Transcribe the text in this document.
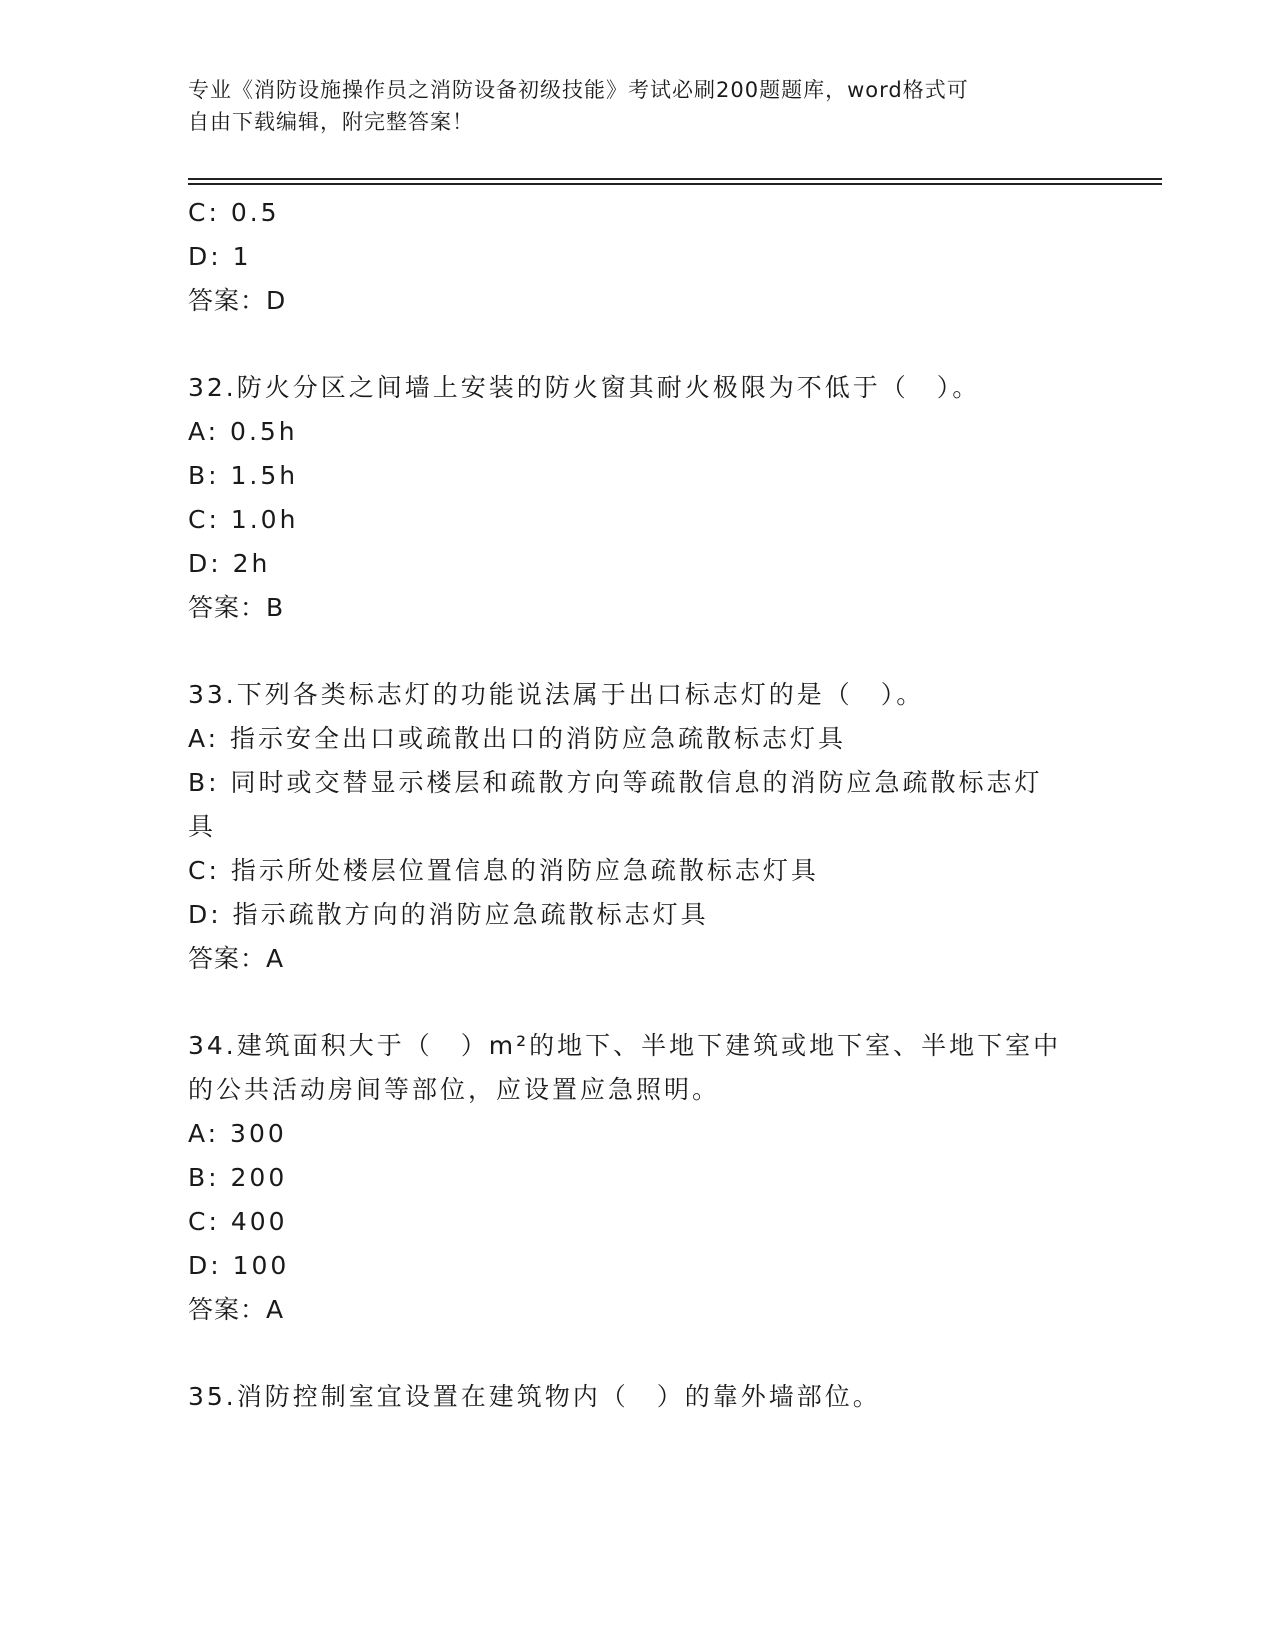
专业《消防设施操作员之消防设备初级技能》考试必刷200题题库，word格式可
自由下载编辑，附完整答案！
C: 0.5
D: 1
答案：D
32.防火分区之间墙上安装的防火窗其耐火极限为不低于（　）。
A: 0.5h
B: 1.5h
C: 1.0h
D: 2h
答案：B
33.下列各类标志灯的功能说法属于出口标志灯的是（　）。
A: 指示安全出口或疏散出口的消防应急疏散标志灯具
B: 同时或交替显示楼层和疏散方向等疏散信息的消防应急疏散标志灯
具
C: 指示所处楼层位置信息的消防应急疏散标志灯具
D: 指示疏散方向的消防应急疏散标志灯具
答案：A
34.建筑面积大于（　）m²的地下、半地下建筑或地下室、半地下室中
的公共活动房间等部位，应设置应急照明。
A: 300
B: 200
C: 400
D: 100
答案：A
35.消防控制室宜设置在建筑物内（　）的靠外墙部位。
